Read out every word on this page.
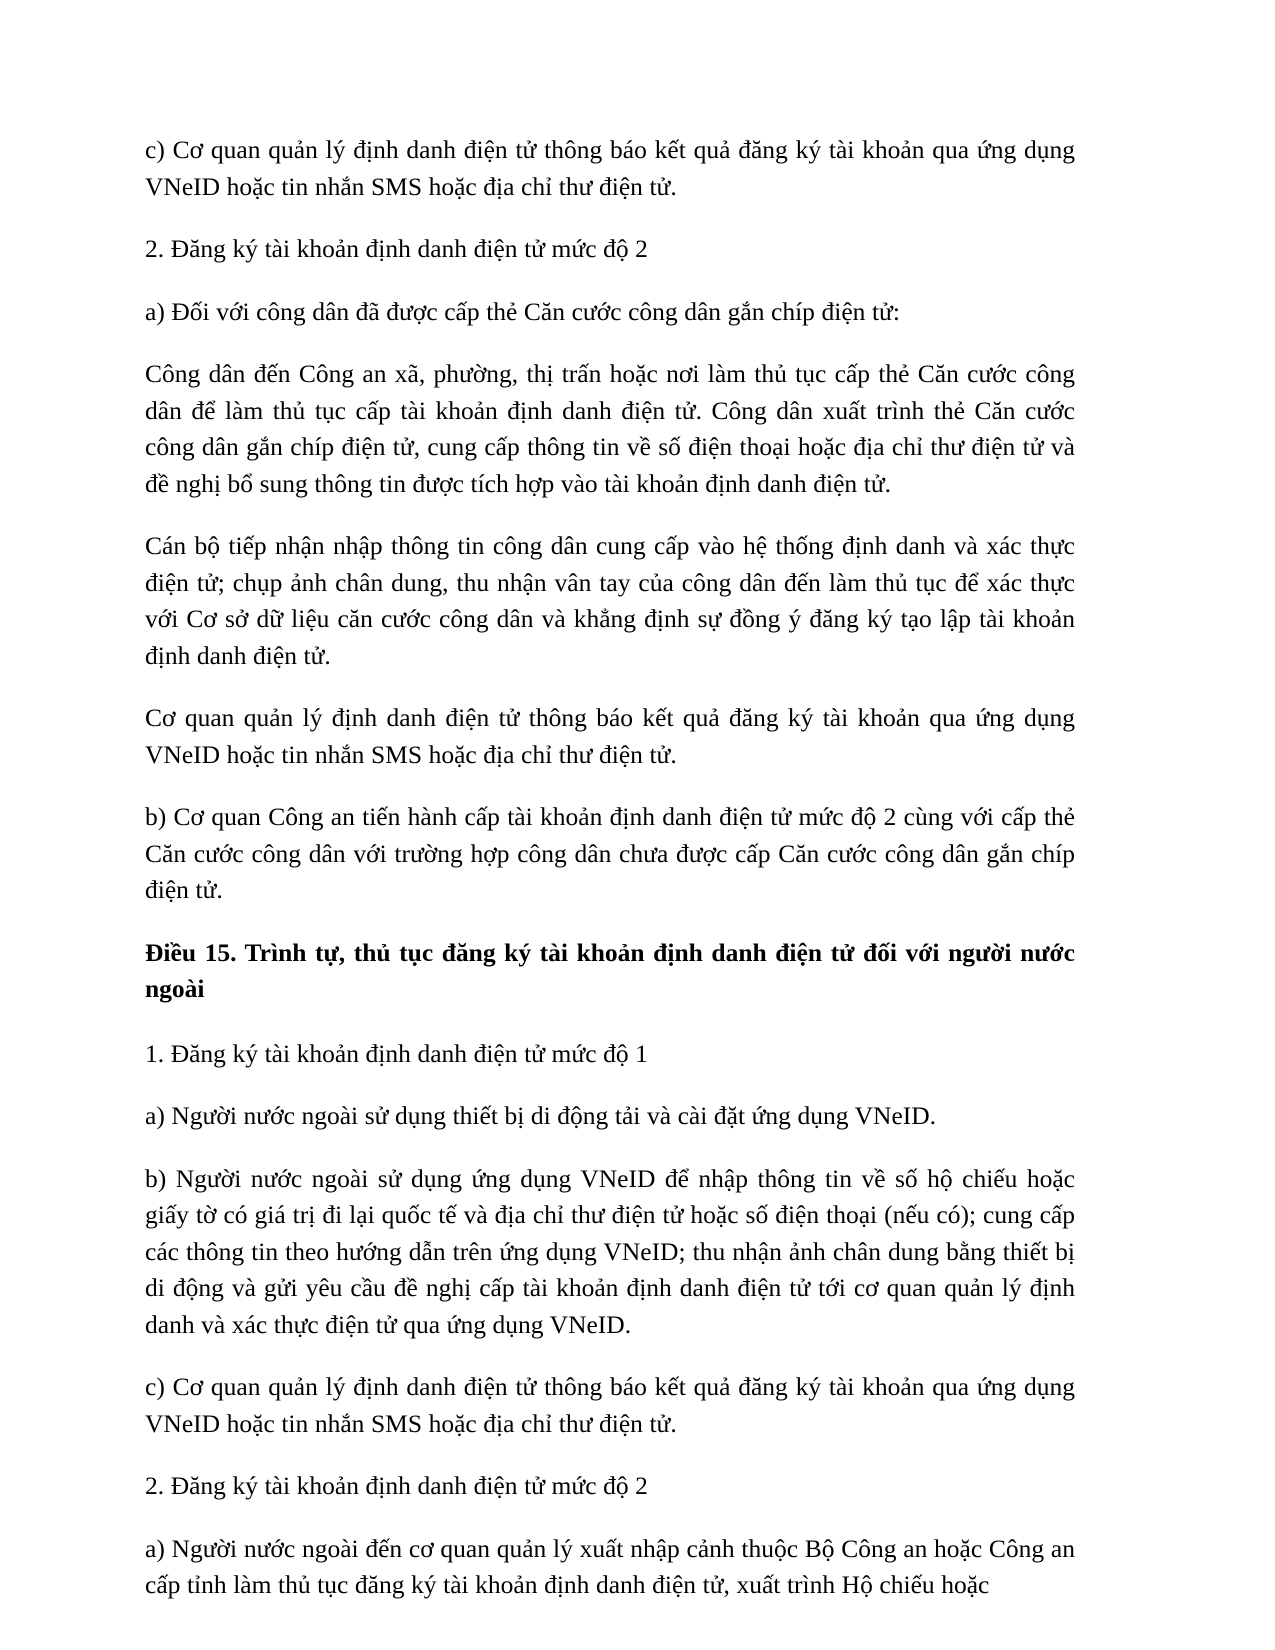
c) Cơ quan quản lý định danh điện tử thông báo kết quả đăng ký tài khoản qua ứng dụng VNeID hoặc tin nhắn SMS hoặc địa chỉ thư điện tử.

2. Đăng ký tài khoản định danh điện tử mức độ 2

a) Đối với công dân đã được cấp thẻ Căn cước công dân gắn chíp điện tử:

Công dân đến Công an xã, phường, thị trấn hoặc nơi làm thủ tục cấp thẻ Căn cước công dân để làm thủ tục cấp tài khoản định danh điện tử. Công dân xuất trình thẻ Căn cước công dân gắn chíp điện tử, cung cấp thông tin về số điện thoại hoặc địa chỉ thư điện tử và đề nghị bổ sung thông tin được tích hợp vào tài khoản định danh điện tử.

Cán bộ tiếp nhận nhập thông tin công dân cung cấp vào hệ thống định danh và xác thực điện tử; chụp ảnh chân dung, thu nhận vân tay của công dân đến làm thủ tục để xác thực với Cơ sở dữ liệu căn cước công dân và khẳng định sự đồng ý đăng ký tạo lập tài khoản định danh điện tử.

Cơ quan quản lý định danh điện tử thông báo kết quả đăng ký tài khoản qua ứng dụng VNeID hoặc tin nhắn SMS hoặc địa chỉ thư điện tử.

b) Cơ quan Công an tiến hành cấp tài khoản định danh điện tử mức độ 2 cùng với cấp thẻ Căn cước công dân với trường hợp công dân chưa được cấp Căn cước công dân gắn chíp điện tử.

Điều 15. Trình tự, thủ tục đăng ký tài khoản định danh điện tử đối với người nước ngoài

1. Đăng ký tài khoản định danh điện tử mức độ 1

a) Người nước ngoài sử dụng thiết bị di động tải và cài đặt ứng dụng VNeID.

b) Người nước ngoài sử dụng ứng dụng VNeID để nhập thông tin về số hộ chiếu hoặc giấy tờ có giá trị đi lại quốc tế và địa chỉ thư điện tử hoặc số điện thoại (nếu có); cung cấp các thông tin theo hướng dẫn trên ứng dụng VNeID; thu nhận ảnh chân dung bằng thiết bị di động và gửi yêu cầu đề nghị cấp tài khoản định danh điện tử tới cơ quan quản lý định danh và xác thực điện tử qua ứng dụng VNeID.

c) Cơ quan quản lý định danh điện tử thông báo kết quả đăng ký tài khoản qua ứng dụng VNeID hoặc tin nhắn SMS hoặc địa chỉ thư điện tử.

2. Đăng ký tài khoản định danh điện tử mức độ 2

a) Người nước ngoài đến cơ quan quản lý xuất nhập cảnh thuộc Bộ Công an hoặc Công an cấp tỉnh làm thủ tục đăng ký tài khoản định danh điện tử, xuất trình Hộ chiếu hoặc
